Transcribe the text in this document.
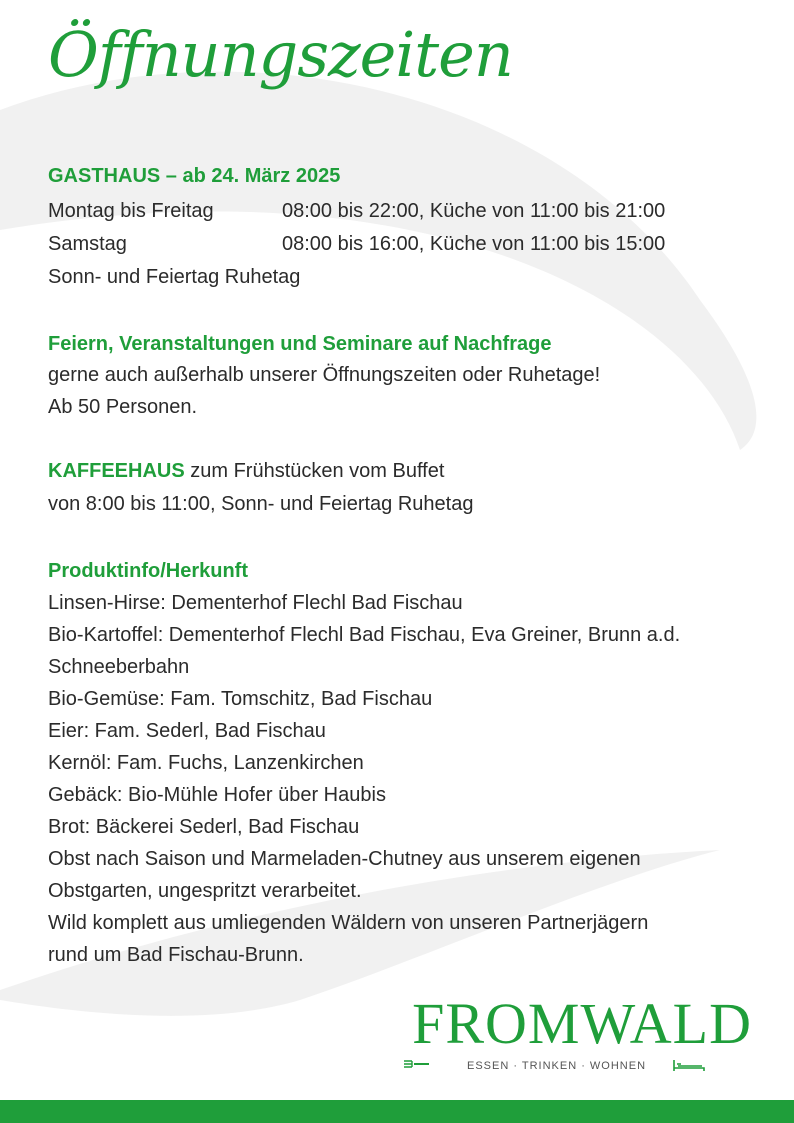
Öffnungszeiten
GASTHAUS – ab 24. März 2025
Montag bis Freitag	08:00 bis 22:00, Küche von 11:00 bis 21:00
Samstag	08:00 bis 16:00, Küche von 11:00 bis 15:00
Sonn- und Feiertag Ruhetag
Feiern, Veranstaltungen und Seminare auf Nachfrage
gerne auch außerhalb unserer Öffnungszeiten oder Ruhetage!
Ab 50 Personen.
KAFFEEHAUS zum Frühstücken vom Buffet
von 8:00 bis 11:00, Sonn- und Feiertag Ruhetag
Produktinfo/Herkunft
Linsen-Hirse: Dementerhof Flechl Bad Fischau
Bio-Kartoffel: Dementerhof Flechl Bad Fischau, Eva Greiner, Brunn a.d.
Schneeberbahn
Bio-Gemüse: Fam. Tomschitz, Bad Fischau
Eier: Fam. Sederl, Bad Fischau
Kernöl: Fam. Fuchs, Lanzenkirchen
Gebäck: Bio-Mühle Hofer über Haubis
Brot: Bäckerei Sederl, Bad Fischau
Obst nach Saison und Marmeladen-Chutney aus unserem eigenen
Obstgarten, ungespritzt verarbeitet.
Wild komplett aus umliegenden Wäldern von unseren Partnerjägern
rund um Bad Fischau-Brunn.
FROMWALD
ESSEN · TRINKEN · WOHNEN
